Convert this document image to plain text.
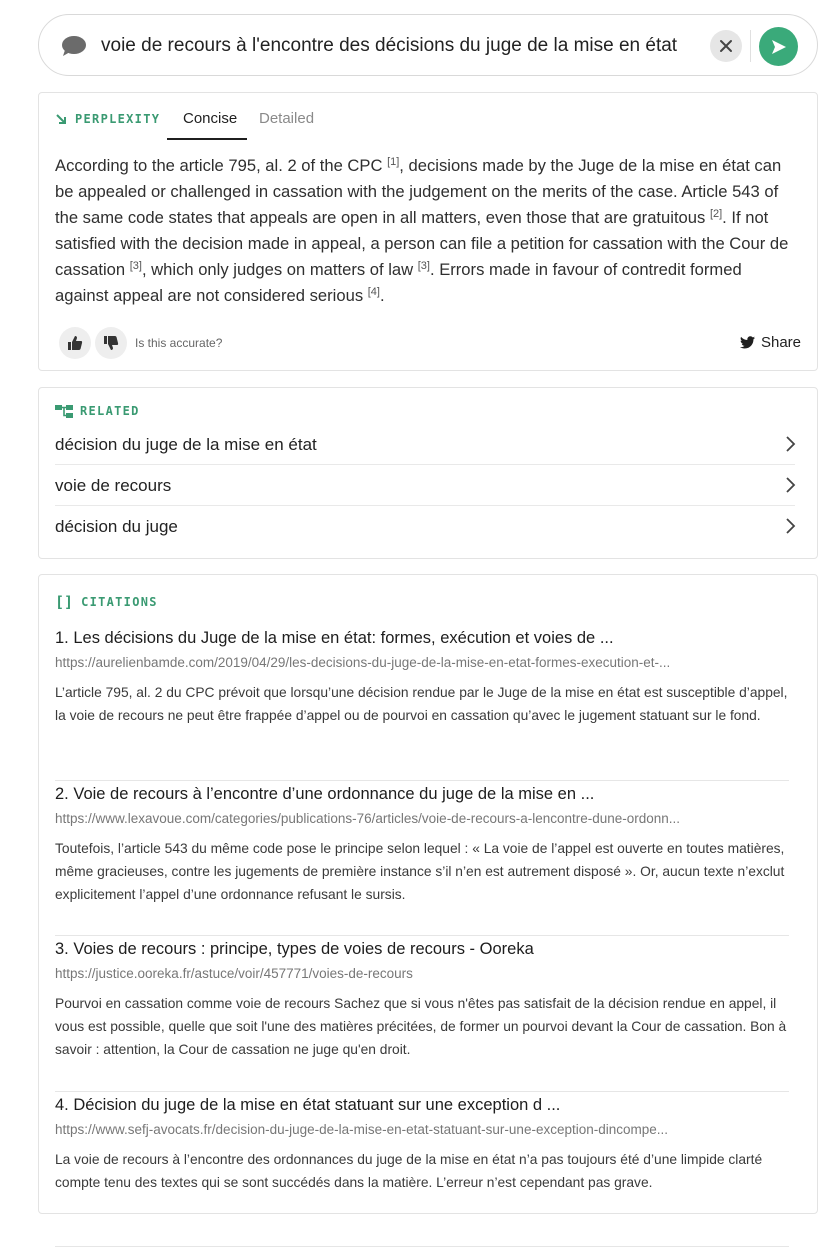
voie de recours à l'encontre des décisions du juge de la mise en état
PERPLEXITY Concise Detailed
According to the article 795, al. 2 of the CPC [1], decisions made by the Juge de la mise en état can be appealed or challenged in cassation with the judgement on the merits of the case. Article 543 of the same code states that appeals are open in all matters, even those that are gratuitous [2]. If not satisfied with the decision made in appeal, a person can file a petition for cassation with the Cour de cassation [3], which only judges on matters of law [3]. Errors made in favour of contredit formed against appeal are not considered serious [4].
Is this accurate?	Share
RELATED
décision du juge de la mise en état
voie de recours
décision du juge
[] CITATIONS
1. Les décisions du Juge de la mise en état: formes, exécution et voies de ...
https://aurelienbamde.com/2019/04/29/les-decisions-du-juge-de-la-mise-en-etat-formes-execution-et-...
L’article 795, al. 2 du CPC prévoit que lorsqu’une décision rendue par le Juge de la mise en état est susceptible d’appel, la voie de recours ne peut être frappée d’appel ou de pourvoi en cassation qu’avec le jugement statuant sur le fond.
2. Voie de recours à l’encontre d’une ordonnance du juge de la mise en ...
https://www.lexavoue.com/categories/publications-76/articles/voie-de-recours-a-lencontre-dune-ordonn...
Toutefois, l’article 543 du même code pose le principe selon lequel : « La voie de l’appel est ouverte en toutes matières, même gracieuses, contre les jugements de première instance s’il n’en est autrement disposé ». Or, aucun texte n’exclut explicitement l’appel d’une ordonnance refusant le sursis.
3. Voies de recours : principe, types de voies de recours - Ooreka
https://justice.ooreka.fr/astuce/voir/457771/voies-de-recours
Pourvoi en cassation comme voie de recours Sachez que si vous n'êtes pas satisfait de la décision rendue en appel, il vous est possible, quelle que soit l'une des matières précitées, de former un pourvoi devant la Cour de cassation. Bon à savoir : attention, la Cour de cassation ne juge qu'en droit.
4. Décision du juge de la mise en état statuant sur une exception d ...
https://www.sefj-avocats.fr/decision-du-juge-de-la-mise-en-etat-statuant-sur-une-exception-dincompe...
La voie de recours à l’encontre des ordonnances du juge de la mise en état n’a pas toujours été d’une limpide clarté compte tenu des textes qui se sont succédés dans la matière. L’erreur n’est cependant pas grave.
